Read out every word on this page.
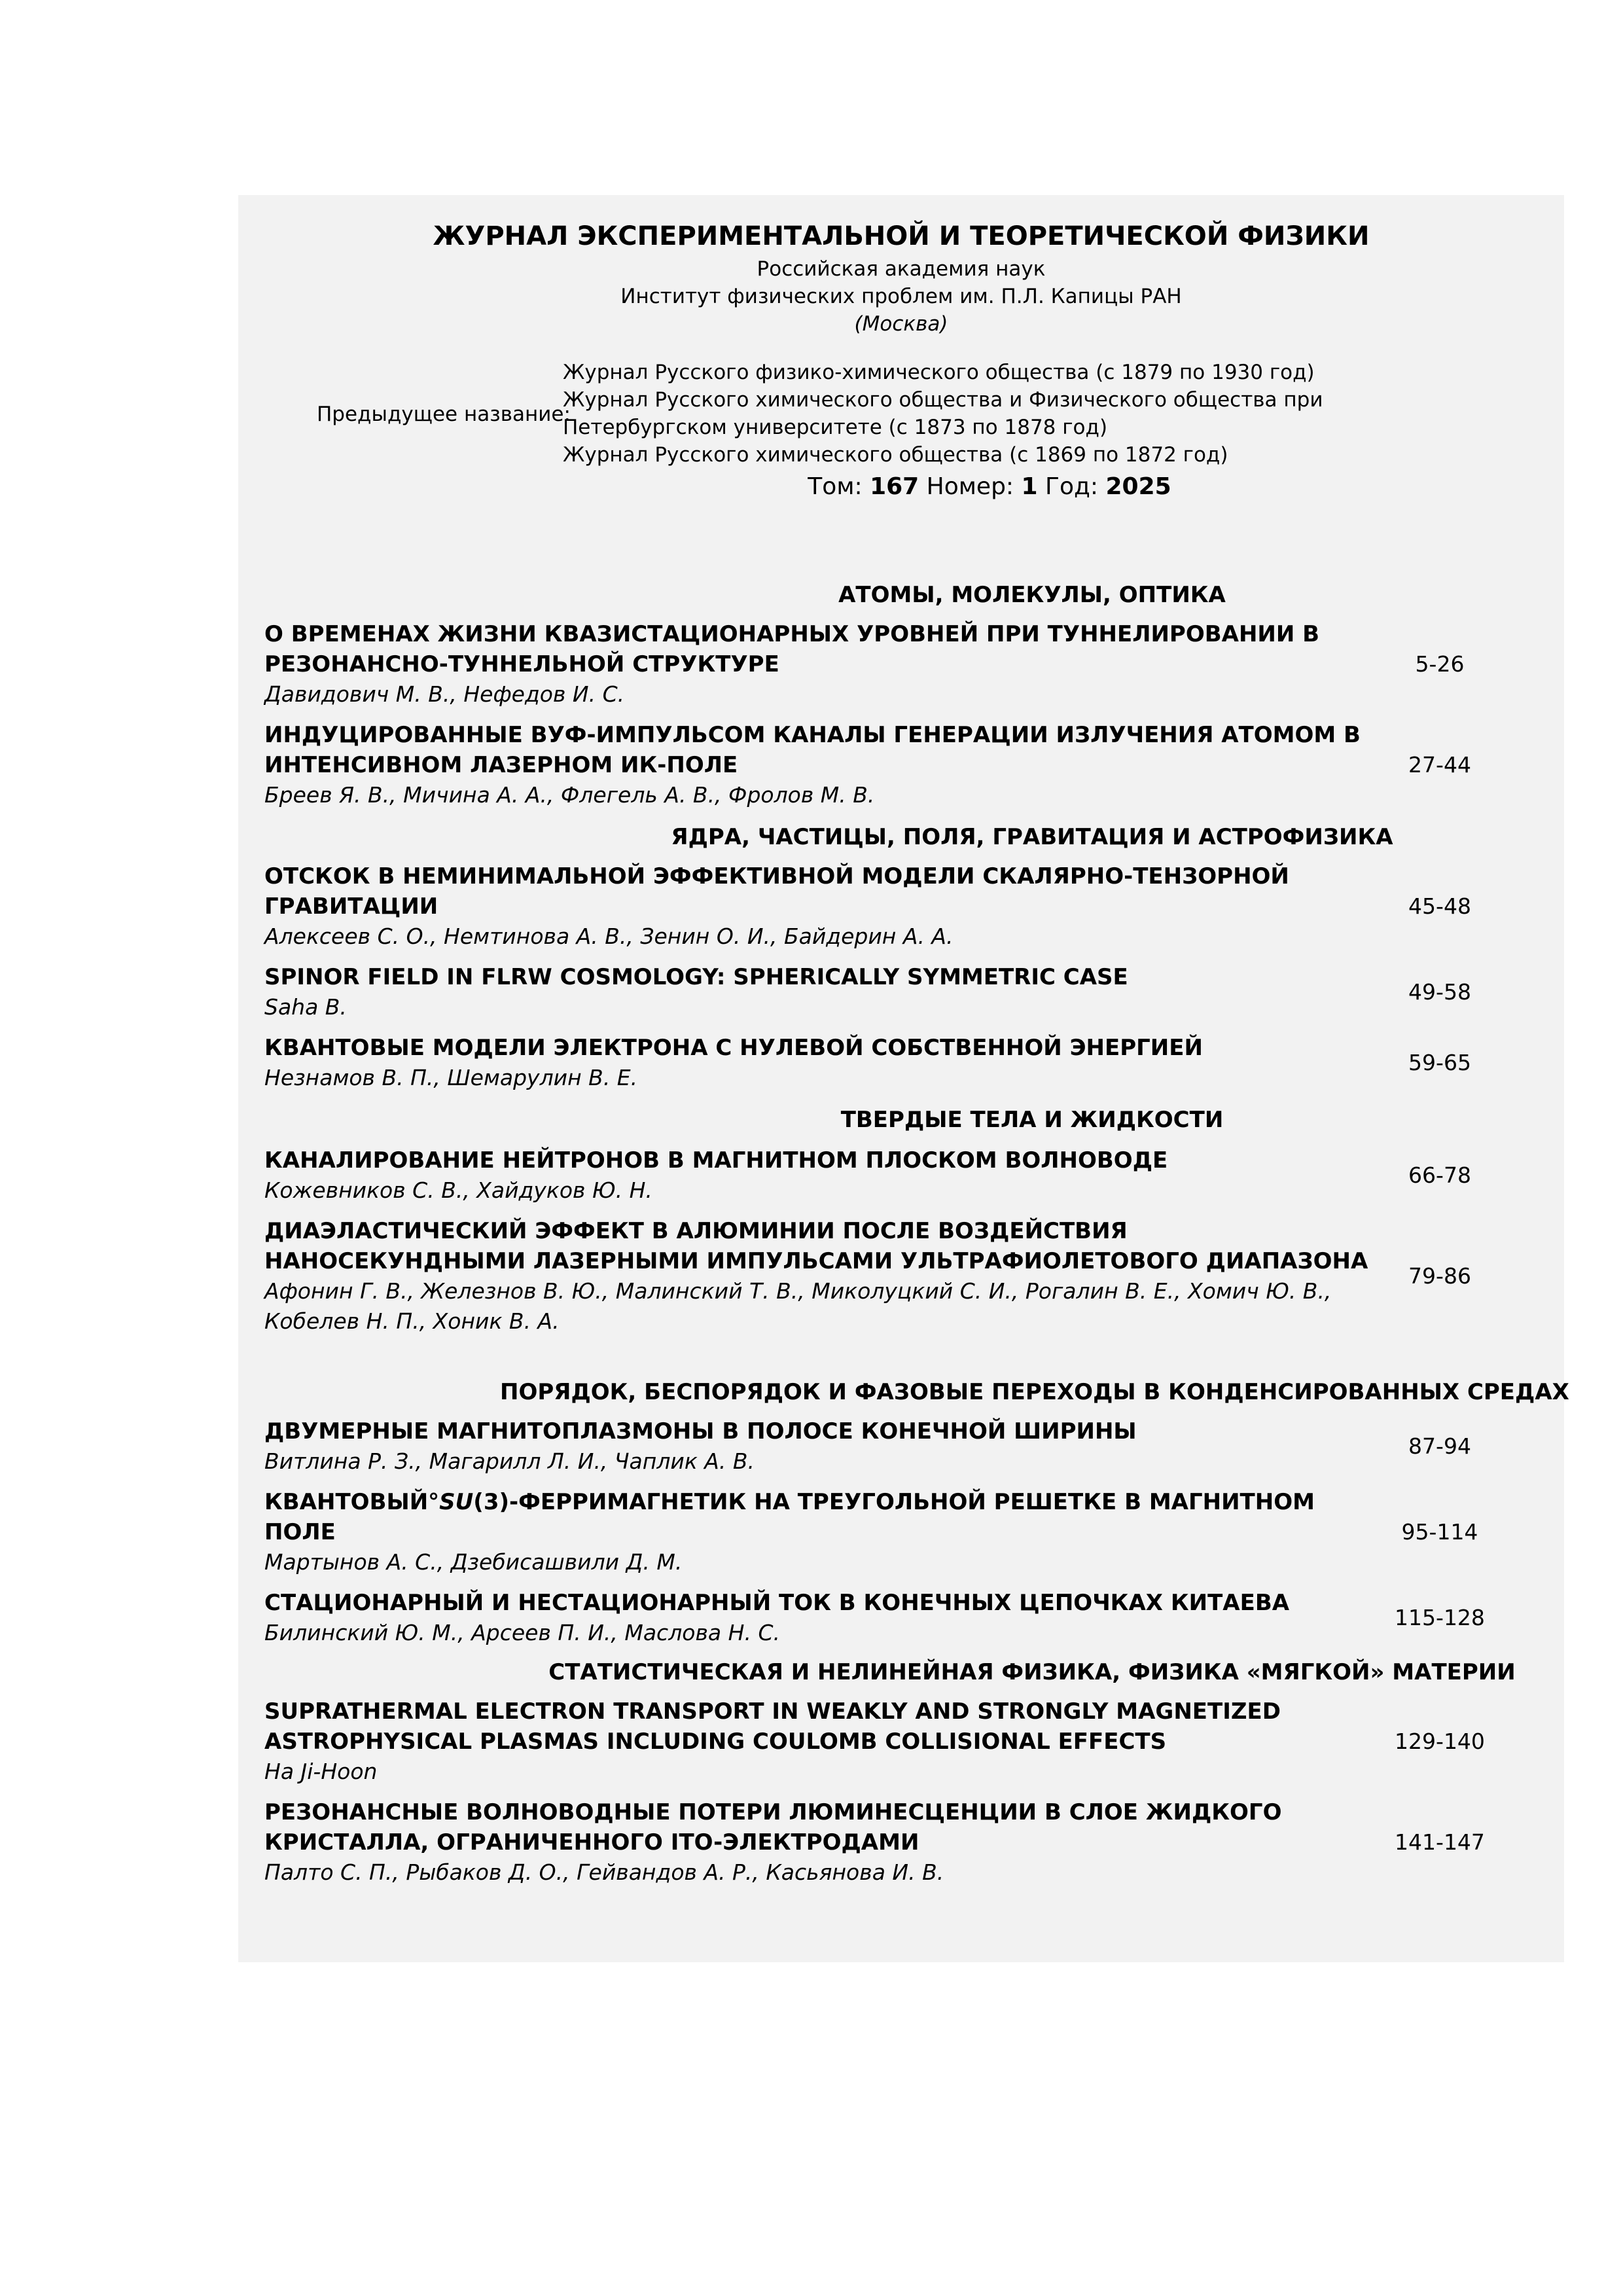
ЖУРНАЛ ЭКСПЕРИМЕНТАЛЬНОЙ И ТЕОРЕТИЧЕСКОЙ ФИЗИКИ
Российская академия наук
Институт физических проблем им. П.Л. Капицы РАН
(Москва)
Предыдущее название:
Журнал Русского физико-химического общества (с 1879 по 1930 год)
Журнал Русского химического общества и Физического общества при
Петербургском университете (с 1873 по 1878 год)
Журнал Русского химического общества (с 1869 по 1872 год)
Том: 167 Номер: 1 Год: 2025
АТОМЫ, МОЛЕКУЛЫ, ОПТИКА
О ВРЕМЕНАХ ЖИЗНИ КВАЗИСТАЦИОНАРНЫХ УРОВНЕЙ ПРИ ТУННЕЛИРОВАНИИ В РЕЗОНАНСНО-ТУННЕЛЬНОЙ СТРУКТУРЕ
Давидович М. В., Нефедов И. С.
5-26
ИНДУЦИРОВАННЫЕ ВУФ-ИМПУЛЬСОМ КАНАЛЫ ГЕНЕРАЦИИ ИЗЛУЧЕНИЯ АТОМОМ В ИНТЕНСИВНОМ ЛАЗЕРНОМ ИК-ПОЛЕ
Бреев Я. В., Мичина А. А., Флегель А. В., Фролов М. В.
27-44
ЯДРА, ЧАСТИЦЫ, ПОЛЯ, ГРАВИТАЦИЯ И АСТРОФИЗИКА
ОТСКОК В НЕМИНИМАЛЬНОЙ ЭФФЕКТИВНОЙ МОДЕЛИ СКАЛЯРНО-ТЕНЗОРНОЙ ГРАВИТАЦИИ
Алексеев С. О., Немтинова А. В., Зенин О. И., Байдерин А. А.
45-48
SPINOR FIELD IN FLRW COSMOLOGY: SPHERICALLY SYMMETRIC CASE
Saha B.
49-58
КВАНТОВЫЕ МОДЕЛИ ЭЛЕКТРОНА С НУЛЕВОЙ СОБСТВЕННОЙ ЭНЕРГИЕЙ
Незнамов В. П., Шемарулин В. Е.
59-65
ТВЕРДЫЕ ТЕЛА И ЖИДКОСТИ
КАНАЛИРОВАНИЕ НЕЙТРОНОВ В МАГНИТНОМ ПЛОСКОМ ВОЛНОВОДЕ
Кожевников С. В., Хайдуков Ю. Н.
66-78
ДИАЭЛАСТИЧЕСКИЙ ЭФФЕКТ В АЛЮМИНИИ ПОСЛЕ ВОЗДЕЙСТВИЯ НАНОСЕКУНДНЫМИ ЛАЗЕРНЫМИ ИМПУЛЬСАМИ УЛЬТРАФИОЛЕТОВОГО ДИАПАЗОНА
Афонин Г. В., Железнов В. Ю., Малинский Т. В., Миколуцкий С. И., Рогалин В. Е., Хомич Ю. В., Кобелев Н. П., Хоник В. А.
79-86
ПОРЯДОК, БЕСПОРЯДОК И ФАЗОВЫЕ ПЕРЕХОДЫ В КОНДЕНСИРОВАННЫХ СРЕДАХ
ДВУМЕРНЫЕ МАГНИТОПЛАЗМОНЫ В ПОЛОСЕ КОНЕЧНОЙ ШИРИНЫ
Витлина Р. З., Магарилл Л. И., Чаплик А. В.
87-94
КВАНТОВЫЙ°SU(3)-ФЕРРИМАГНЕТИК НА ТРЕУГОЛЬНОЙ РЕШЕТКЕ В МАГНИТНОМ ПОЛЕ
Мартынов А. С., Дзебисашвили Д. М.
95-114
СТАЦИОНАРНЫЙ И НЕСТАЦИОНАРНЫЙ ТОК В КОНЕЧНЫХ ЦЕПОЧКАХ КИТАЕВА
Билинский Ю. М., Арсеев П. И., Маслова Н. С.
115-128
СТАТИСТИЧЕСКАЯ И НЕЛИНЕЙНАЯ ФИЗИКА, ФИЗИКА «МЯГКОЙ» МАТЕРИИ
SUPRATHERMAL ELECTRON TRANSPORT IN WEAKLY AND STRONGLY MAGNETIZED ASTROPHYSICAL PLASMAS INCLUDING COULOMB COLLISIONAL EFFECTS
Ha Ji-Hoon
129-140
РЕЗОНАНСНЫЕ ВОЛНОВОДНЫЕ ПОТЕРИ ЛЮМИНЕСЦЕНЦИИ В СЛОЕ ЖИДКОГО КРИСТАЛЛА, ОГРАНИЧЕННОГО ITO-ЭЛЕКТРОДАМИ
Палто С. П., Рыбаков Д. О., Гейвандов А. Р., Касьянова И. В.
141-147
